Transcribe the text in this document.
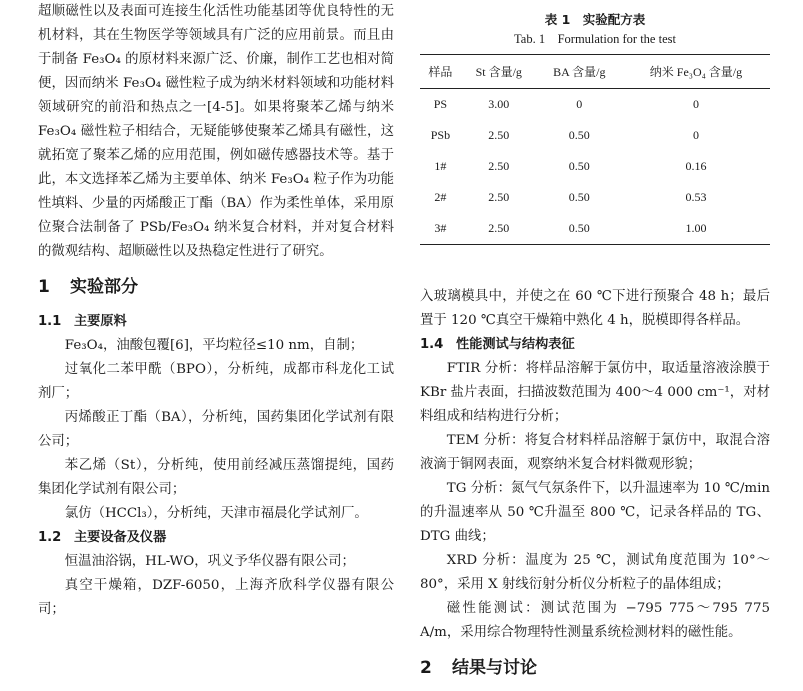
超顺磁性以及表面可连接生化活性功能基团等优良特性的无机材料，其在生物医学等领域具有广泛的应用前景。而且由于制备 Fe₃O₄ 的原材料来源广泛、价廉，制作工艺也相对简便，因而纳米 Fe₃O₄ 磁性粒子成为纳米材料领域和功能材料领域研究的前沿和热点之一[4-5]。如果将聚苯乙烯与纳米 Fe₃O₄ 磁性粒子相结合，无疑能够使聚苯乙烯具有磁性，这就拓宽了聚苯乙烯的应用范围，例如磁传感器技术等。基于此，本文选择苯乙烯为主要单体、纳米 Fe₃O₄ 粒子作为功能性填料、少量的丙烯酸正丁酯（BA）作为柔性单体，采用原位聚合法制备了 PSb/Fe₃O₄ 纳米复合材料，并对复合材料的微观结构、超顺磁性以及热稳定性进行了研究。

1 实验部分
1.1 主要原料

Fe₃O₄，油酸包覆[6]，平均粒径≤10 nm，自制；

过氧化二苯甲酰（BPO），分析纯，成都市科龙化工试剂厂；

丙烯酸正丁酯（BA），分析纯，国药集团化学试剂有限公司；

苯乙烯（St），分析纯，使用前经减压蒸馏提纯，国药集团化学试剂有限公司；

氯仿（HCCl₃），分析纯，天津市福晨化学试剂厂。

1.2 主要设备及仪器

恒温油浴锅，HL-WO，巩义予华仪器有限公司；

真空干燥箱，DZF-6050，上海齐欣科学仪器有限公司；

表 1　实验配方表
Tab. 1　Formulation for the test
样品	St 含量/g	BA 含量/g	纳米 Fe₃O₄ 含量/g
PS	3.00	0	0
PSb	2.50	0.50	0
1#	2.50	0.50	0.16
2#	2.50	0.50	0.53
3#	2.50	0.50	1.00

入玻璃模具中，并使之在 60 ℃下进行预聚合 48 h；最后置于 120 ℃真空干燥箱中熟化 4 h，脱模即得各样品。

1.4 性能测试与结构表征

FTIR 分析：将样品溶解于氯仿中，取适量溶液涂膜于 KBr 盐片表面，扫描波数范围为 400～4 000 cm⁻¹，对材料组成和结构进行分析；

TEM 分析：将复合材料样品溶解于氯仿中，取混合溶液滴于铜网表面，观察纳米复合材料微观形貌；

TG 分析：氮气气氛条件下，以升温速率为 10 ℃/min 的升温速率从 50 ℃升温至 800 ℃，记录各样品的 TG、DTG 曲线；

XRD 分析：温度为 25 ℃，测试角度范围为 10°～80°，采用 X 射线衍射分析仪分析粒子的晶体组成；

磁性能测试：测试范围为 −795 775～795 775 A/m，采用综合物理特性测量系统检测材料的磁性能。

2 结果与讨论
